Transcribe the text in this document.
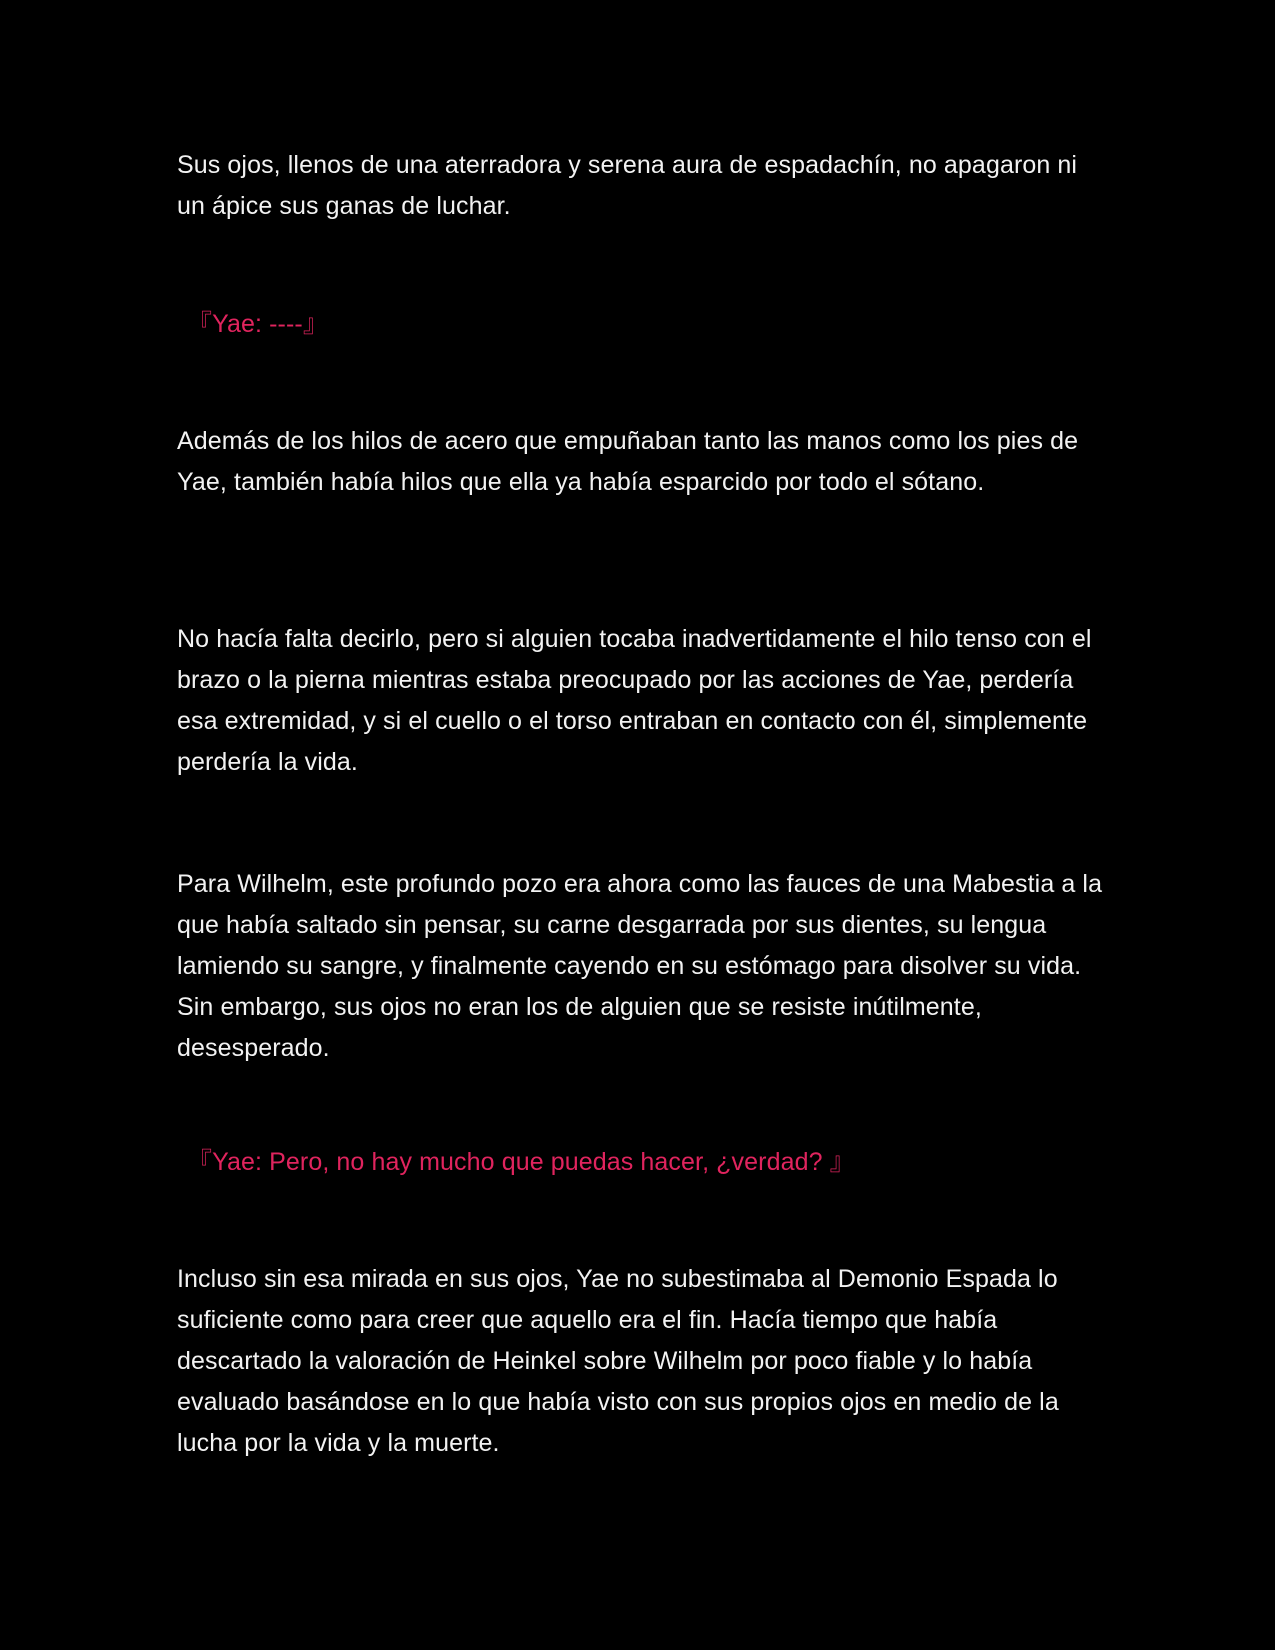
Sus ojos, llenos de una aterradora y serena aura de espadachín, no apagaron ni un ápice sus ganas de luchar.

『Yae: ----』

Además de los hilos de acero que empuñaban tanto las manos como los pies de Yae, también había hilos que ella ya había esparcido por todo el sótano.

No hacía falta decirlo, pero si alguien tocaba inadvertidamente el hilo tenso con el brazo o la pierna mientras estaba preocupado por las acciones de Yae, perdería esa extremidad, y si el cuello o el torso entraban en contacto con él, simplemente perdería la vida.

Para Wilhelm, este profundo pozo era ahora como las fauces de una Mabestia a la que había saltado sin pensar, su carne desgarrada por sus dientes, su lengua lamiendo su sangre, y finalmente cayendo en su estómago para disolver su vida. Sin embargo, sus ojos no eran los de alguien que se resiste inútilmente, desesperado.

『Yae: Pero, no hay mucho que puedas hacer, ¿verdad? 』

Incluso sin esa mirada en sus ojos, Yae no subestimaba al Demonio Espada lo suficiente como para creer que aquello era el fin. Hacía tiempo que había descartado la valoración de Heinkel sobre Wilhelm por poco fiable y lo había evaluado basándose en lo que había visto con sus propios ojos en medio de la lucha por la vida y la muerte.
